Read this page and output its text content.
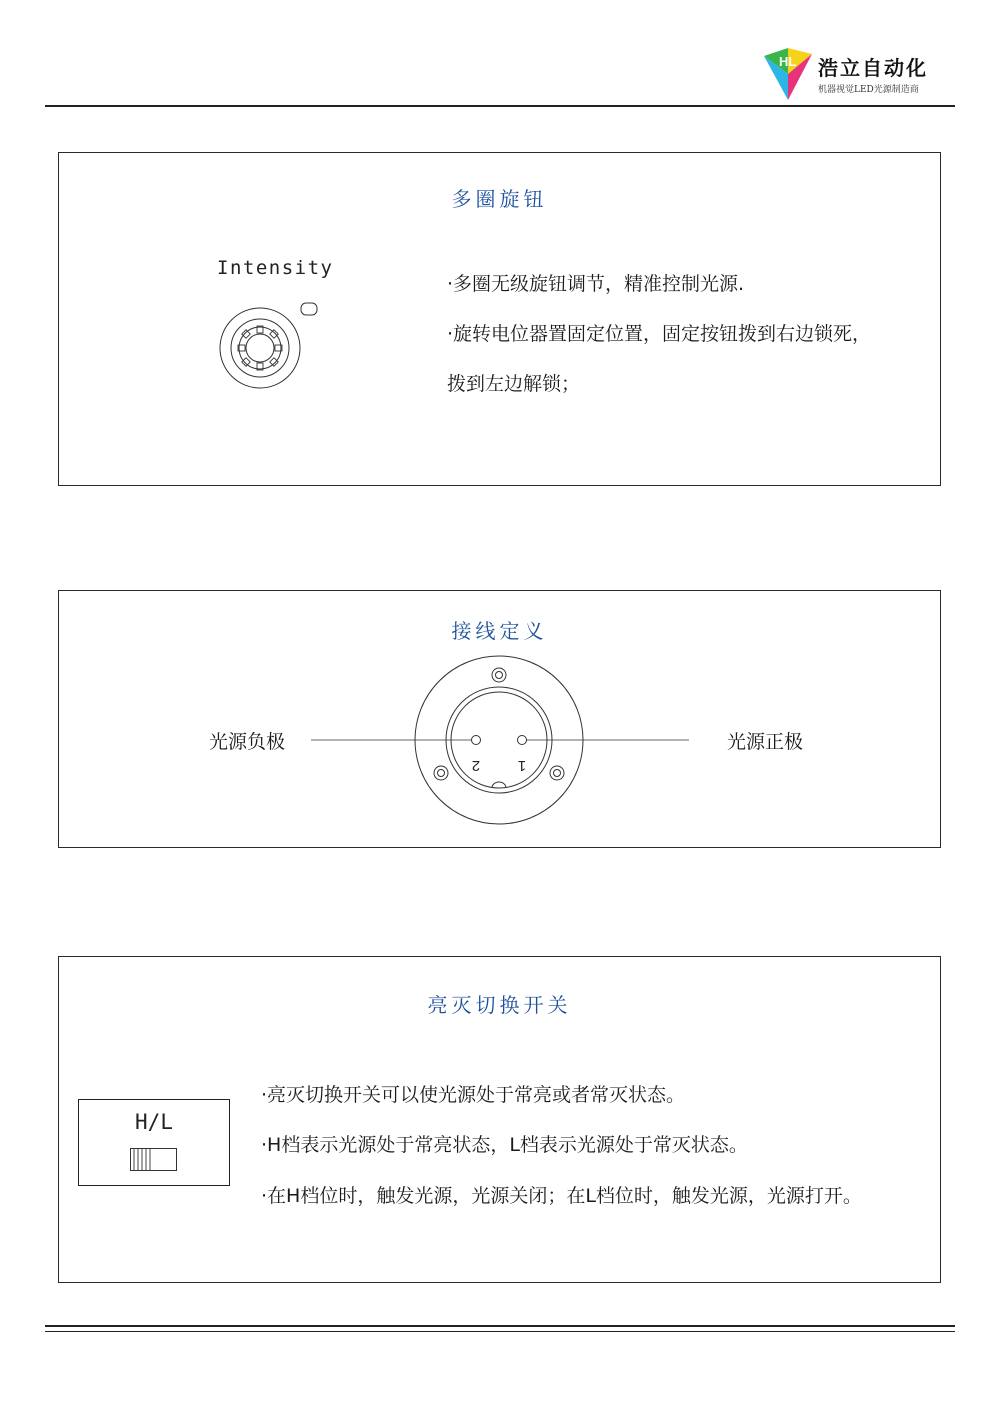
HL 浩立自动化
机器视觉LED光源制造商
多圈旋钮
Intensity
·多圈无级旋钮调节，精准控制光源.
·旋转电位器置固定位置，固定按钮拨到右边锁死，
拨到左边解锁；
接线定义
光源负极	光源正极
2	1
亮灭切换开关
H/L
·亮灭切换开关可以使光源处于常亮或者常灭状态。
·H档表示光源处于常亮状态，L档表示光源处于常灭状态。
·在H档位时，触发光源，光源关闭；在L档位时，触发光源，光源打开。
